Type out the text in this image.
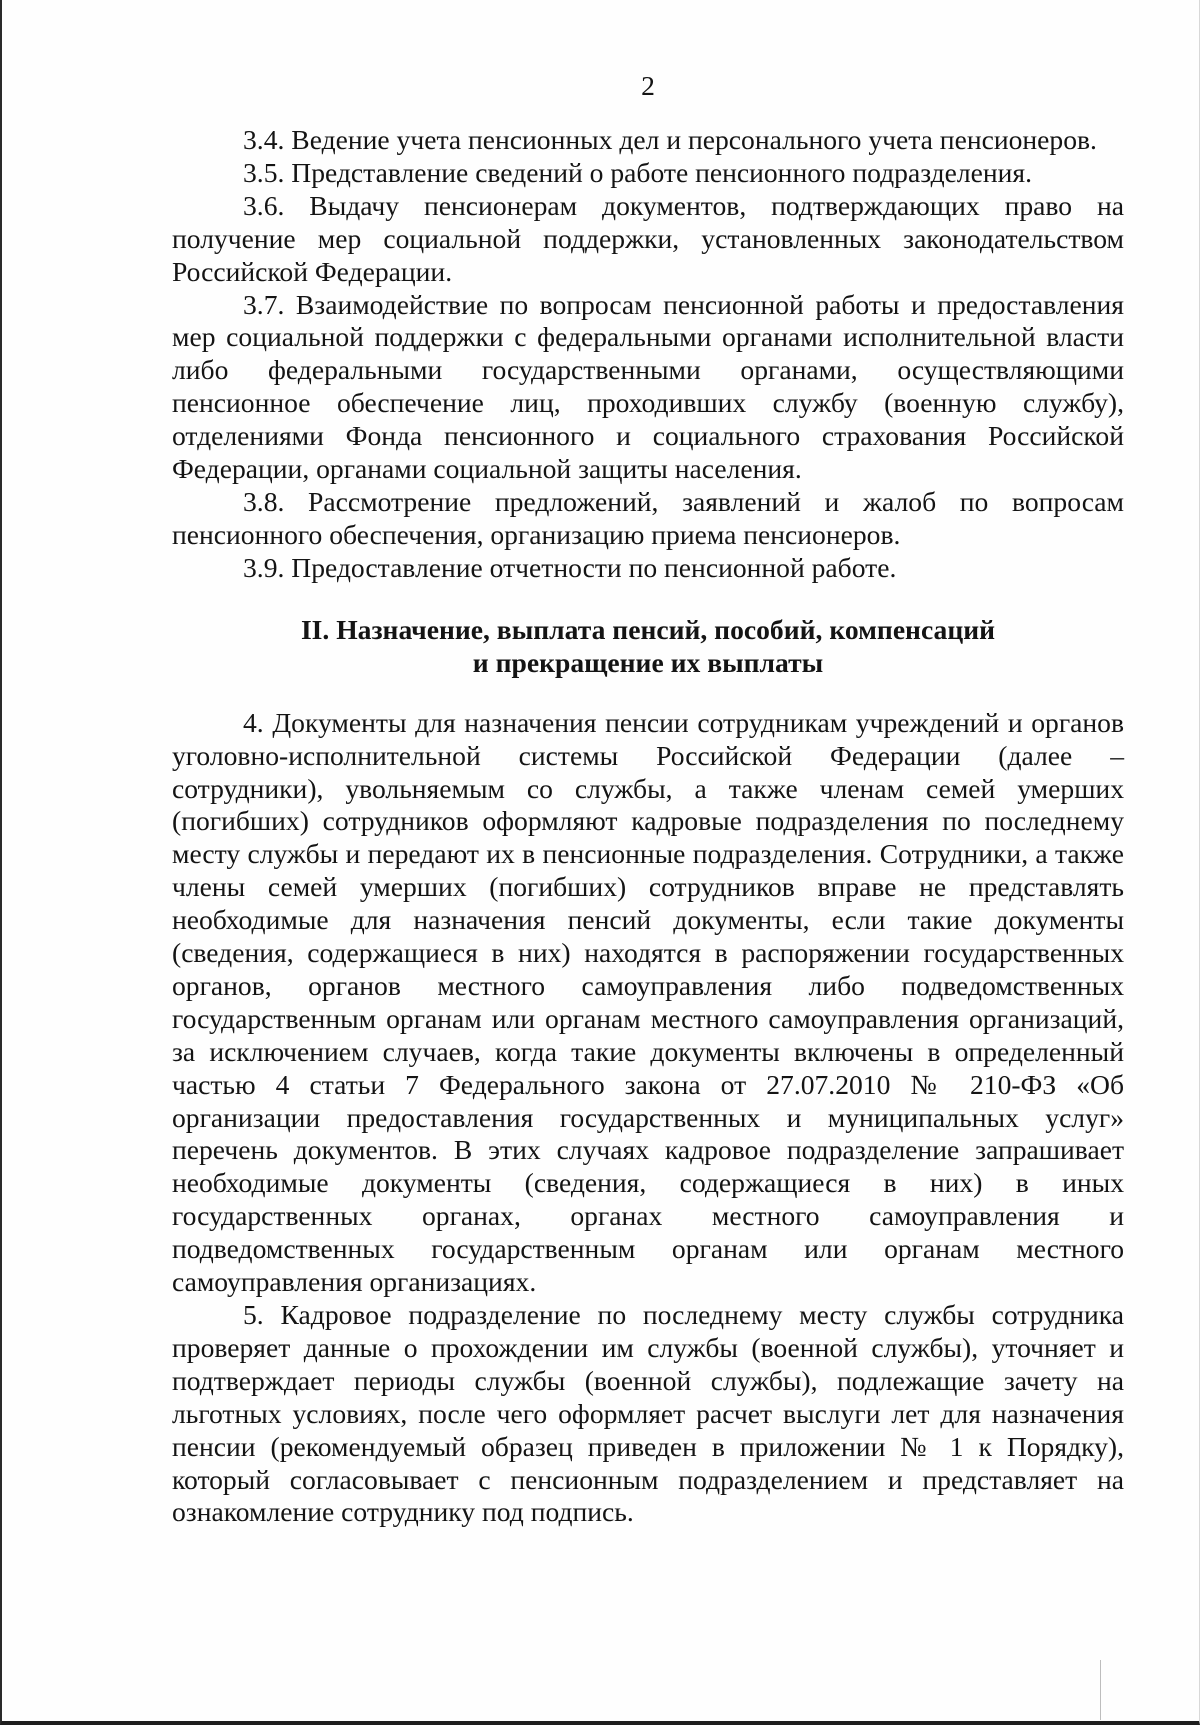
2

3.4. Ведение учета пенсионных дел и персонального учета пенсионеров.

3.5. Представление сведений о работе пенсионного подразделения.

3.6. Выдачу пенсионерам документов, подтверждающих право на получение мер социальной поддержки, установленных законодательством Российской Федерации.

3.7. Взаимодействие по вопросам пенсионной работы и предоставления мер социальной поддержки с федеральными органами исполнительной власти либо федеральными государственными органами, осуществляющими пенсионное обеспечение лиц, проходивших службу (военную службу), отделениями Фонда пенсионного и социального страхования Российской Федерации, органами социальной защиты населения.

3.8. Рассмотрение предложений, заявлений и жалоб по вопросам пенсионного обеспечения, организацию приема пенсионеров.

3.9. Предоставление отчетности по пенсионной работе.

II. Назначение, выплата пенсий, пособий, компенсаций
и прекращение их выплаты

4. Документы для назначения пенсии сотрудникам учреждений и органов уголовно-исполнительной системы Российской Федерации (далее – сотрудники), увольняемым со службы, а также членам семей умерших (погибших) сотрудников оформляют кадровые подразделения по последнему месту службы и передают их в пенсионные подразделения. Сотрудники, а также члены семей умерших (погибших) сотрудников вправе не представлять необходимые для назначения пенсий документы, если такие документы (сведения, содержащиеся в них) находятся в распоряжении государственных органов, органов местного самоуправления либо подведомственных государственным органам или органам местного самоуправления организаций, за исключением случаев, когда такие документы включены в определенный частью 4 статьи 7 Федерального закона от 27.07.2010 № 210-ФЗ «Об организации предоставления государственных и муниципальных услуг» перечень документов. В этих случаях кадровое подразделение запрашивает необходимые документы (сведения, содержащиеся в них) в иных государственных органах, органах местного самоуправления и подведомственных государственным органам или органам местного самоуправления организациях.

5. Кадровое подразделение по последнему месту службы сотрудника проверяет данные о прохождении им службы (военной службы), уточняет и подтверждает периоды службы (военной службы), подлежащие зачету на льготных условиях, после чего оформляет расчет выслуги лет для назначения пенсии (рекомендуемый образец приведен в приложении № 1 к Порядку), который согласовывает с пенсионным подразделением и представляет на ознакомление сотруднику под подпись.
